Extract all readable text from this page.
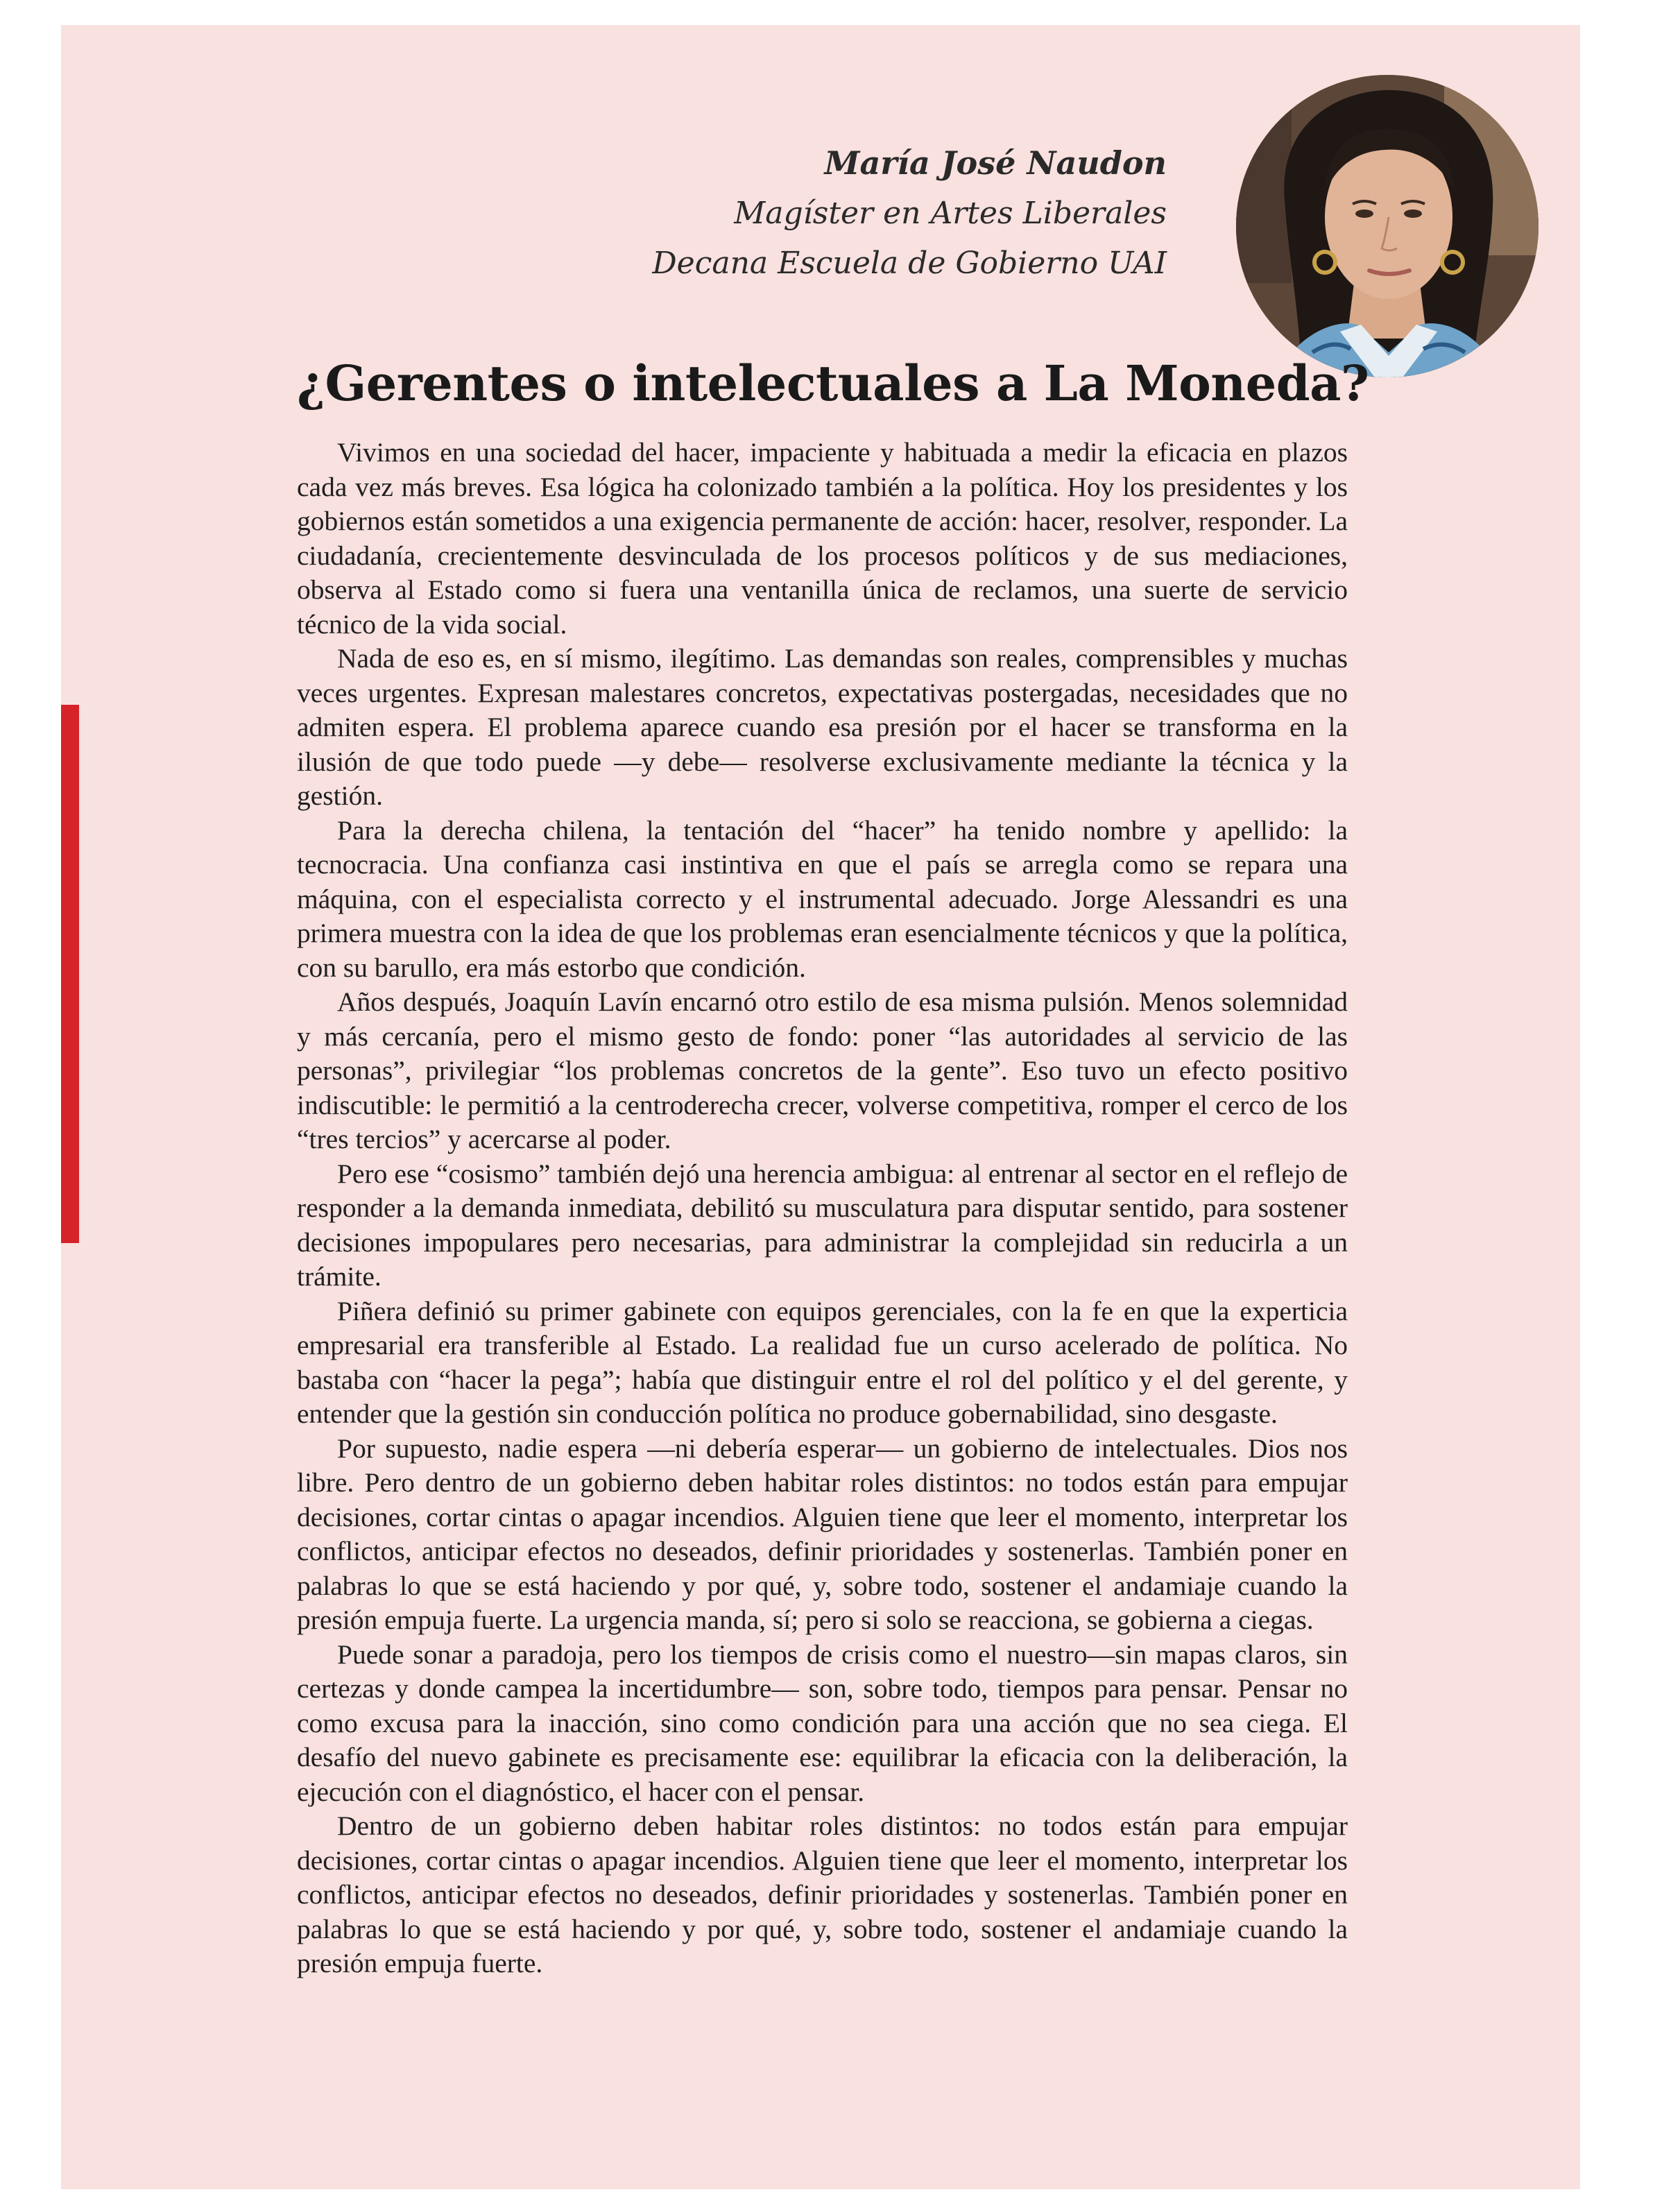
María José Naudon
Magíster en Artes Liberales
Decana Escuela de Gobierno UAI
¿Gerentes o intelectuales a La Moneda?

Vivimos en una sociedad del hacer, impaciente y habituada a medir la eficacia en plazos cada vez más breves. Esa lógica ha colonizado también a la política. Hoy los presidentes y los gobiernos están sometidos a una exigencia permanente de acción: hacer, resolver, responder. La ciudadanía, crecientemente desvinculada de los procesos políticos y de sus mediaciones, observa al Estado como si fuera una ventanilla única de reclamos, una suerte de servicio técnico de la vida social.

Nada de eso es, en sí mismo, ilegítimo. Las demandas son reales, comprensibles y muchas veces urgentes. Expresan malestares concretos, expectativas postergadas, necesidades que no admiten espera. El problema aparece cuando esa presión por el hacer se transforma en la ilusión de que todo puede —y debe— resolverse exclusivamente mediante la técnica y la gestión.

Para la derecha chilena, la tentación del “hacer” ha tenido nombre y apellido: la tecnocracia. Una confianza casi instintiva en que el país se arregla como se repara una máquina, con el especialista correcto y el instrumental adecuado. Jorge Alessandri es una primera muestra con la idea de que los problemas eran esencialmente técnicos y que la política, con su barullo, era más estorbo que condición.

Años después, Joaquín Lavín encarnó otro estilo de esa misma pulsión. Menos solemnidad y más cercanía, pero el mismo gesto de fondo: poner “las autoridades al servicio de las personas”, privilegiar “los problemas concretos de la gente”. Eso tuvo un efecto positivo indiscutible: le permitió a la centroderecha crecer, volverse competitiva, romper el cerco de los “tres tercios” y acercarse al poder.

Pero ese “cosismo” también dejó una herencia ambigua: al entrenar al sector en el reflejo de responder a la demanda inmediata, debilitó su musculatura para disputar sentido, para sostener decisiones impopulares pero necesarias, para administrar la complejidad sin reducirla a un trámite.

Piñera definió su primer gabinete con equipos gerenciales, con la fe en que la experticia empresarial era transferible al Estado. La realidad fue un curso acelerado de política. No bastaba con “hacer la pega”; había que distinguir entre el rol del político y el del gerente, y entender que la gestión sin conducción política no produce gobernabilidad, sino desgaste.

Por supuesto, nadie espera —ni debería esperar— un gobierno de intelectuales. Dios nos libre. Pero dentro de un gobierno deben habitar roles distintos: no todos están para empujar decisiones, cortar cintas o apagar incendios. Alguien tiene que leer el momento, interpretar los conflictos, anticipar efectos no deseados, definir prioridades y sostenerlas. También poner en palabras lo que se está haciendo y por qué, y, sobre todo, sostener el andamiaje cuando la presión empuja fuerte. La urgencia manda, sí; pero si solo se reacciona, se gobierna a ciegas.

Puede sonar a paradoja, pero los tiempos de crisis como el nuestro—sin mapas claros, sin certezas y donde campea la incertidumbre— son, sobre todo, tiempos para pensar. Pensar no como excusa para la inacción, sino como condición para una acción que no sea ciega. El desafío del nuevo gabinete es precisamente ese: equilibrar la eficacia con la deliberación, la ejecución con el diagnóstico, el hacer con el pensar.

Dentro de un gobierno deben habitar roles distintos: no todos están para empujar decisiones, cortar cintas o apagar incendios. Alguien tiene que leer el momento, interpretar los conflictos, anticipar efectos no deseados, definir prioridades y sostenerlas. También poner en palabras lo que se está haciendo y por qué, y, sobre todo, sostener el andamiaje cuando la presión empuja fuerte.
